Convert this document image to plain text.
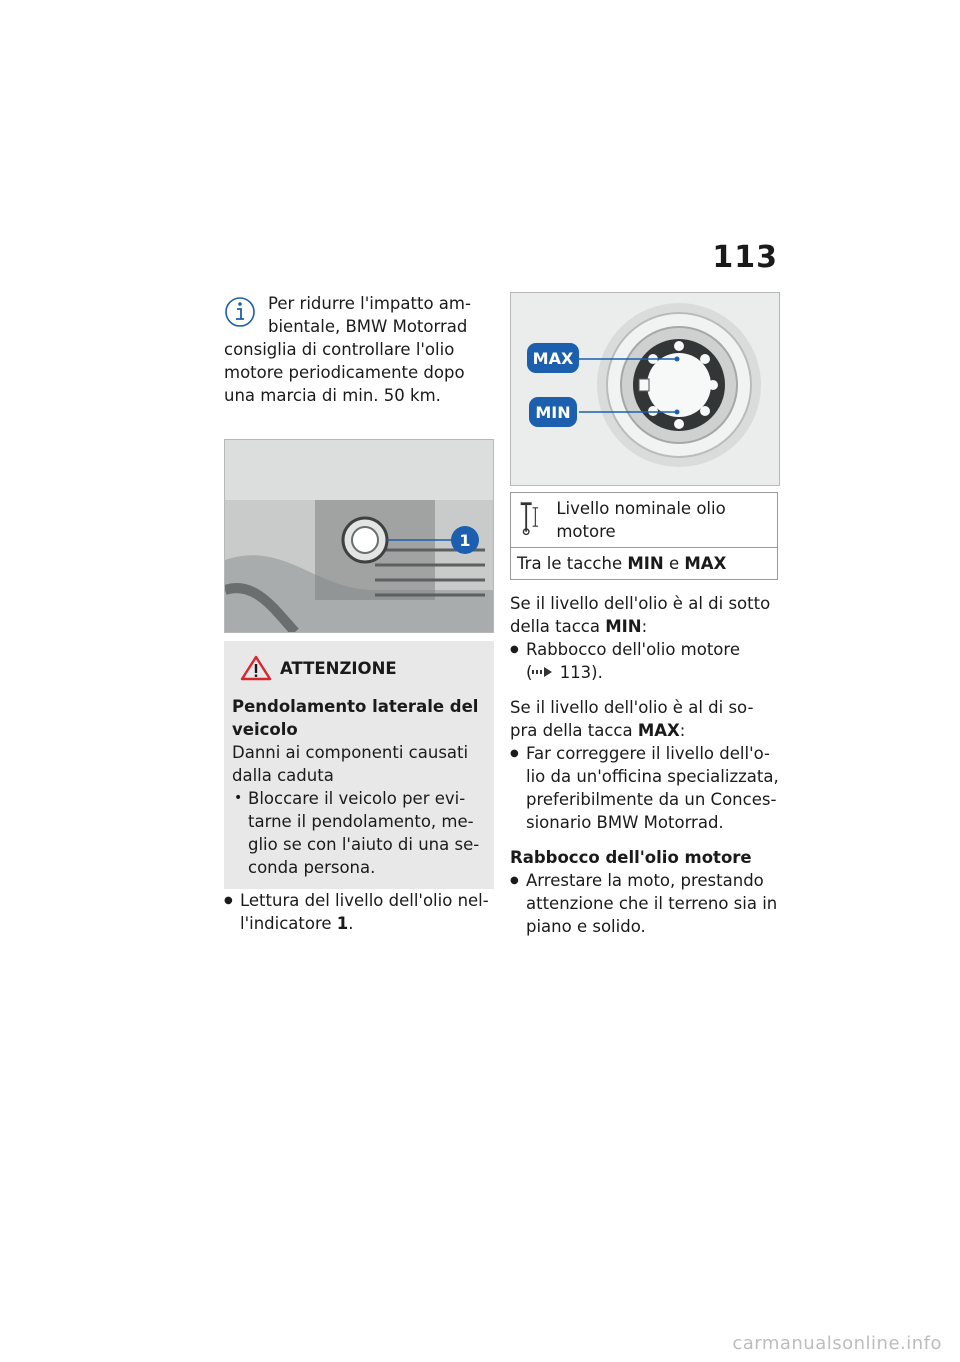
113
Per ridurre l'impatto am-
bientale, BMW Motorrad
consiglia di controllare l'olio motore periodicamente dopo una marcia di min. 50 km.
1
ATTENZIONE
Pendolamento laterale del veicolo
Danni ai componenti causati dalla caduta
• Bloccare il veicolo per evi-tarne il pendolamento, me-glio se con l'aiuto di una se-conda persona.
● Lettura del livello dell'olio nel-l'indicatore 1.
MAX
MIN
Livello nominale olio motore

Tra le tacche MIN e MAX
Se il livello dell'olio è al di sotto della tacca MIN:
● Rabbocco dell'olio motore
( 113).
Se il livello dell'olio è al di so-pra della tacca MAX:
● Far correggere il livello dell'o-lio da un'officina specializzata, preferibilmente da un Conces-sionario BMW Motorrad.
Rabbocco dell'olio motore
● Arrestare la moto, prestando attenzione che il terreno sia in piano e solido.
carmanualsonline.info
